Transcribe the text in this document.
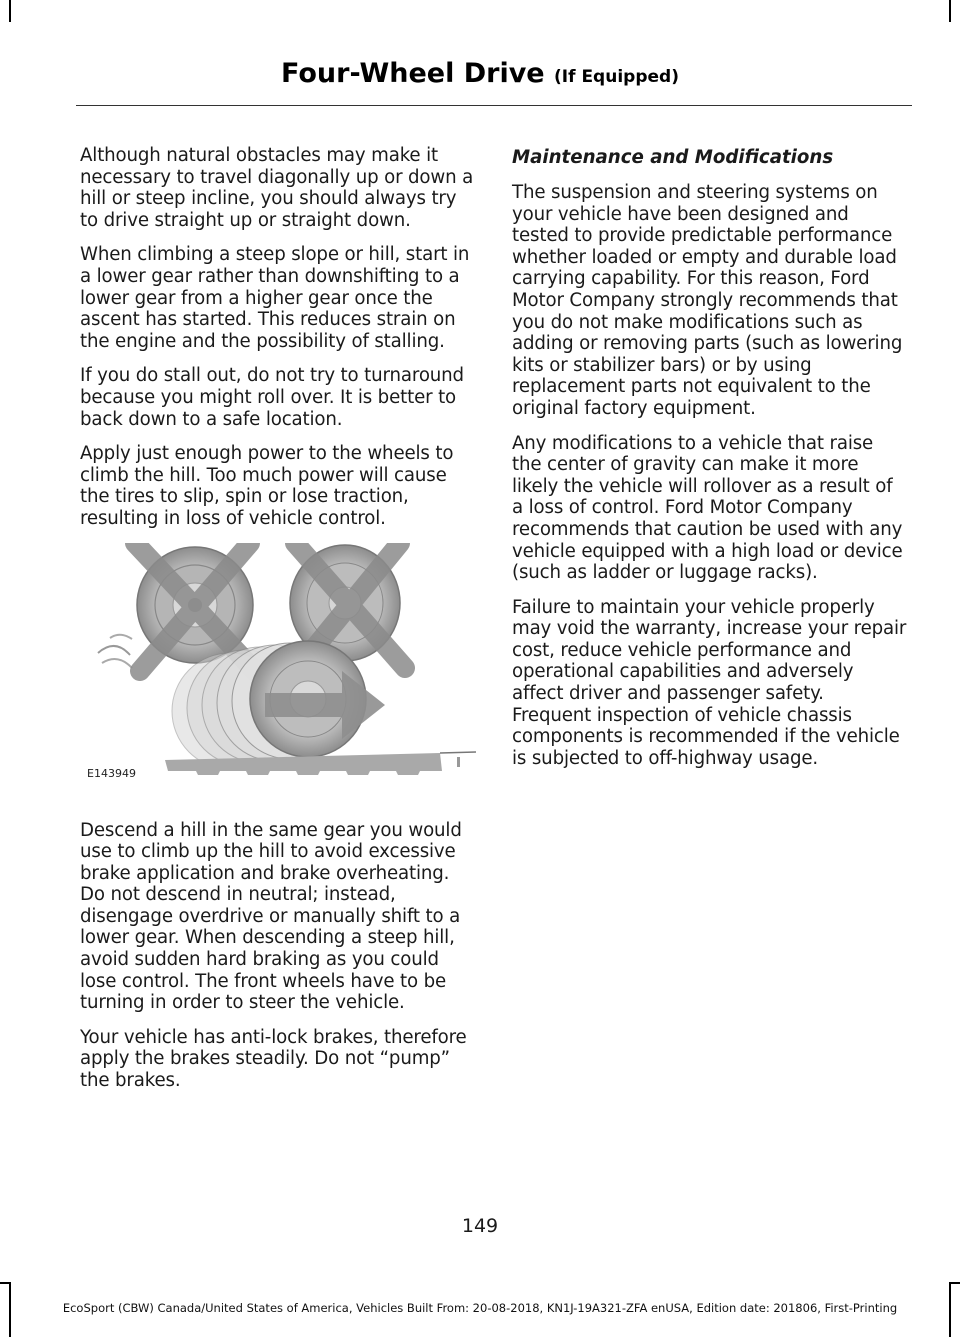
Four-Wheel Drive (If Equipped)

Although natural obstacles may make it necessary to travel diagonally up or down a hill or steep incline, you should always try to drive straight up or straight down.

When climbing a steep slope or hill, start in a lower gear rather than downshifting to a lower gear from a higher gear once the ascent has started. This reduces strain on the engine and the possibility of stalling.

If you do stall out, do not try to turnaround because you might roll over. It is better to back down to a safe location.

Apply just enough power to the wheels to climb the hill. Too much power will cause the tires to slip, spin or lose traction, resulting in loss of vehicle control.

E143949

Descend a hill in the same gear you would use to climb up the hill to avoid excessive brake application and brake overheating. Do not descend in neutral; instead, disengage overdrive or manually shift to a lower gear. When descending a steep hill, avoid sudden hard braking as you could lose control. The front wheels have to be turning in order to steer the vehicle.

Your vehicle has anti-lock brakes, therefore apply the brakes steadily. Do not “pump” the brakes.

Maintenance and Modifications

The suspension and steering systems on your vehicle have been designed and tested to provide predictable performance whether loaded or empty and durable load carrying capability. For this reason, Ford Motor Company strongly recommends that you do not make modifications such as adding or removing parts (such as lowering kits or stabilizer bars) or by using replacement parts not equivalent to the original factory equipment.

Any modifications to a vehicle that raise the center of gravity can make it more likely the vehicle will rollover as a result of a loss of control. Ford Motor Company recommends that caution be used with any vehicle equipped with a high load or device (such as ladder or luggage racks).

Failure to maintain your vehicle properly may void the warranty, increase your repair cost, reduce vehicle performance and operational capabilities and adversely affect driver and passenger safety. Frequent inspection of vehicle chassis components is recommended if the vehicle is subjected to off-highway usage.

149
EcoSport (CBW) Canada/United States of America, Vehicles Built From: 20-08-2018, KN1J-19A321-ZFA enUSA, Edition date: 201806, First-Printing
